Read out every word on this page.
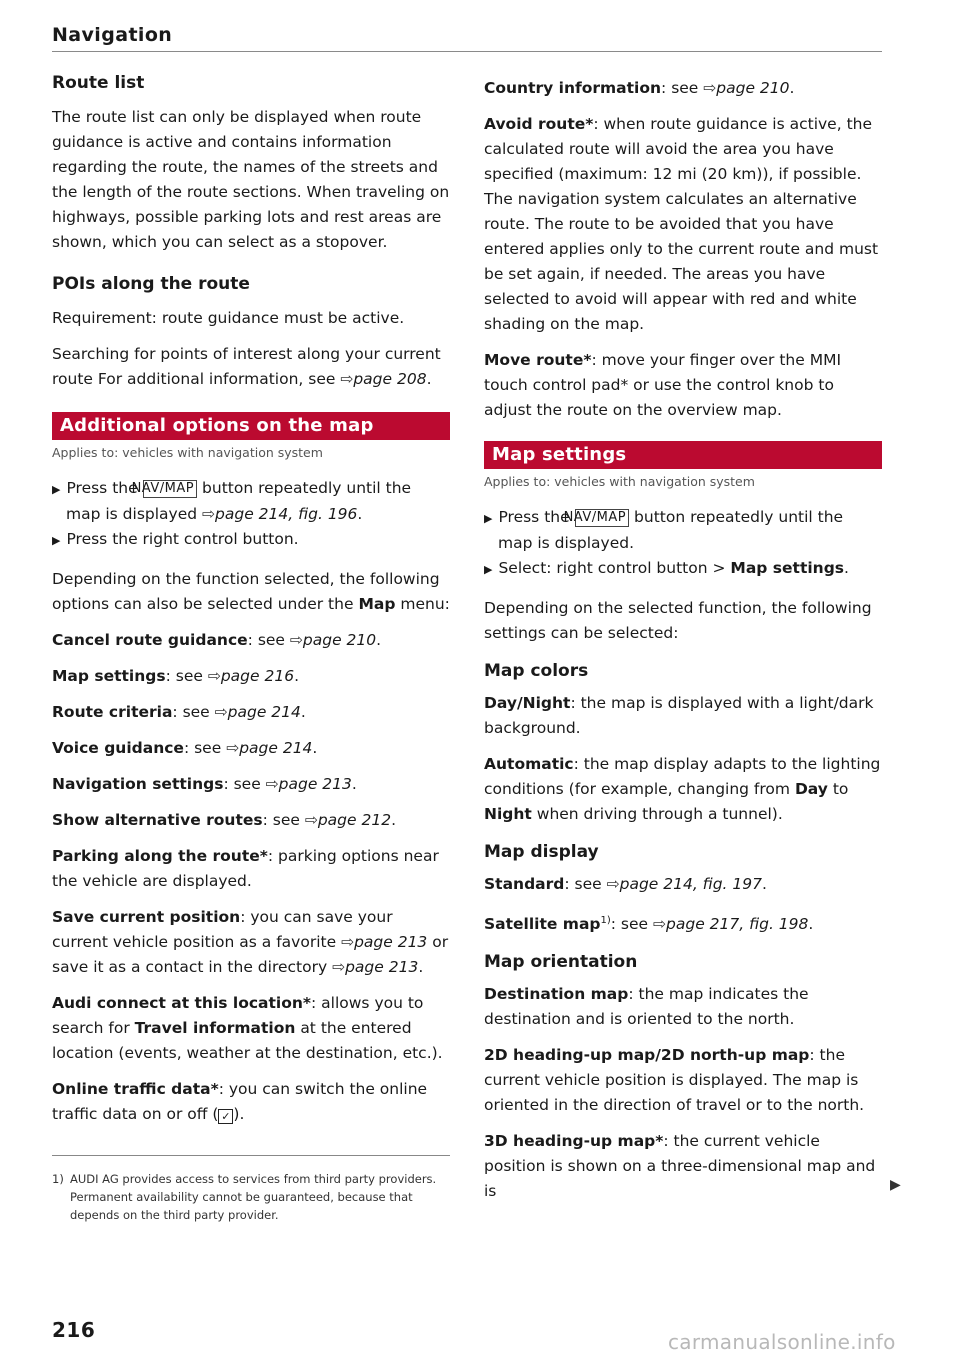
Navigation
Route list

The route list can only be displayed when route guidance is active and contains information regarding the route, the names of the streets and the length of the route sections. When traveling on highways, possible parking lots and rest areas are shown, which you can select as a stopover.

POIs along the route

Requirement: route guidance must be active.

Searching for points of interest along your current route For additional information, see ⇨page 208.

Additional options on the map
Applies to: vehicles with navigation system

▶ Press the NAV/MAP button repeatedly until the map is displayed ⇨page 214, fig. 196.

▶ Press the right control button.

Depending on the function selected, the following options can also be selected under the Map menu:

Cancel route guidance: see ⇨page 210.

Map settings: see ⇨page 216.

Route criteria: see ⇨page 214.

Voice guidance: see ⇨page 214.

Navigation settings: see ⇨page 213.

Show alternative routes: see ⇨page 212.

Parking along the route*: parking options near the vehicle are displayed.

Save current position: you can save your current vehicle position as a favorite ⇨page 213 or save it as a contact in the directory ⇨page 213.

Audi connect at this location*: allows you to search for Travel information at the entered location (events, weather at the destination, etc.).

Online traffic data*: you can switch the online traffic data on or off ( ✓ ).

1) AUDI AG provides access to services from third party providers. Permanent availability cannot be guaranteed, because that depends on the third party provider.

Country information: see ⇨page 210.

Avoid route*: when route guidance is active, the calculated route will avoid the area you have specified (maximum: 12 mi (20 km)), if possible. The navigation system calculates an alternative route. The route to be avoided that you have entered applies only to the current route and must be set again, if needed. The areas you have selected to avoid will appear with red and white shading on the map.

Move route*: move your finger over the MMI touch control pad* or use the control knob to adjust the route on the overview map.

Map settings
Applies to: vehicles with navigation system

▶ Press the NAV/MAP button repeatedly until the map is displayed.

▶ Select: right control button > Map settings.

Depending on the selected function, the following settings can be selected:

Map colors

Day/Night: the map is displayed with a light/dark background.

Automatic: the map display adapts to the lighting conditions (for example, changing from Day to Night when driving through a tunnel).

Map display

Standard: see ⇨page 214, fig. 197.

Satellite map$^{1)}$: see ⇨page 217, fig. 198.

Map orientation

Destination map: the map indicates the destination and is oriented to the north.

2D heading-up map/2D north-up map: the current vehicle position is displayed. The map is oriented in the direction of travel or to the north.

3D heading-up map*: the current vehicle position is shown on a three-dimensional map and is	▶
216	carmanualsonline.info
